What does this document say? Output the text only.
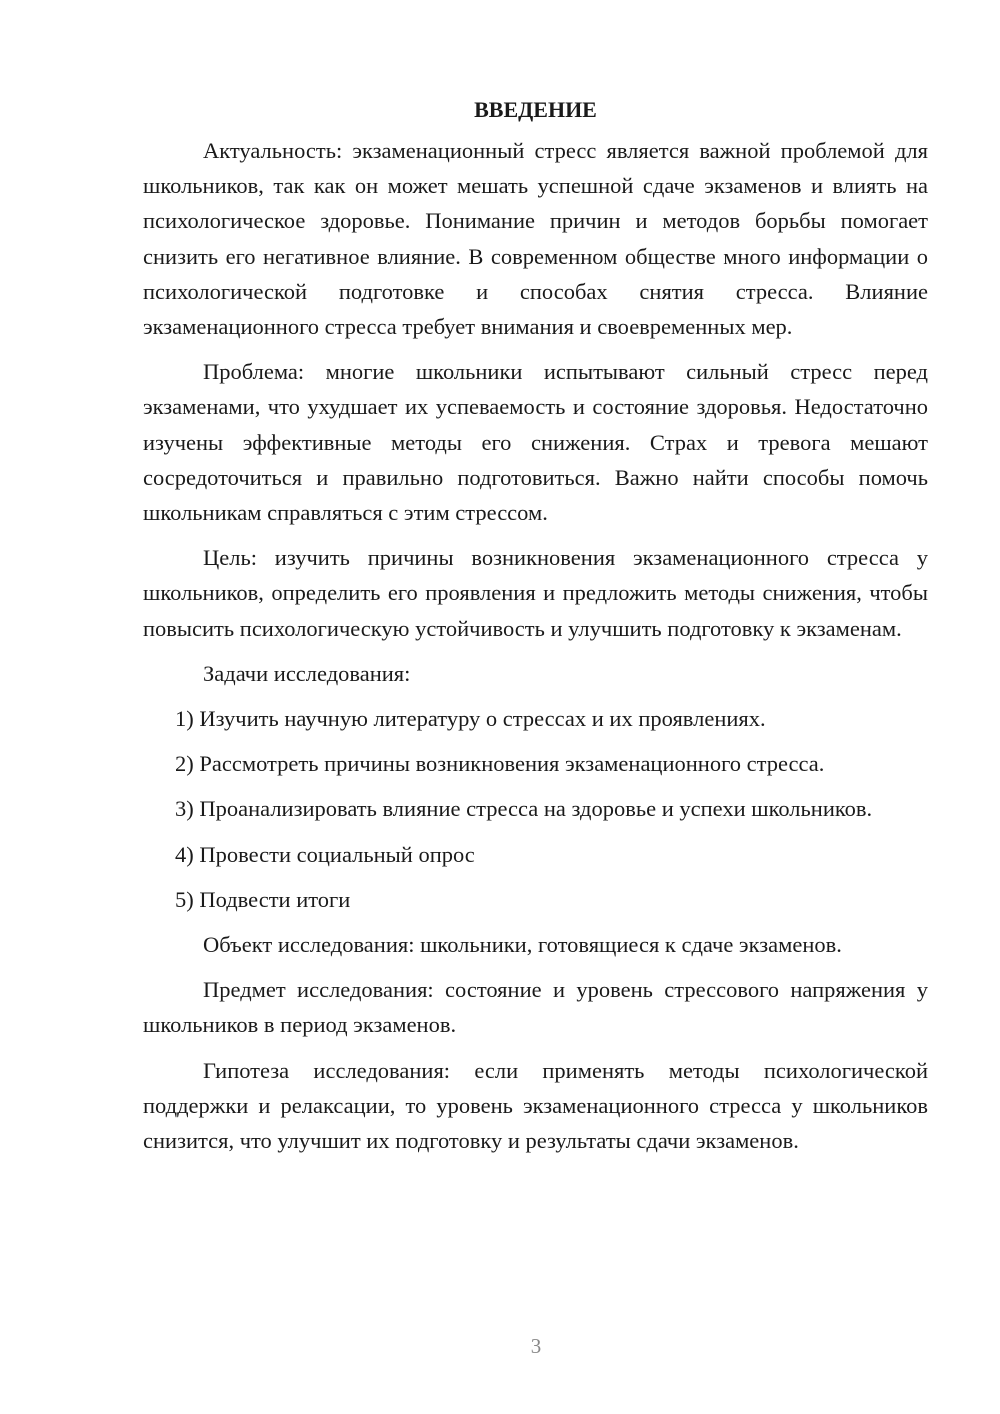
ВВЕДЕНИЕ

Актуальность: экзаменационный стресс является важной проблемой для школьников, так как он может мешать успешной сдаче экзаменов и влиять на психологическое здоровье. Понимание причин и методов борьбы помогает снизить его негативное влияние. В современном обществе много информации о психологической подготовке и способах снятия стресса. Влияние экзаменационного стресса требует внимания и своевременных мер.

Проблема: многие школьники испытывают сильный стресс перед экзаменами, что ухудшает их успеваемость и состояние здоровья. Недостаточно изучены эффективные методы его снижения. Страх и тревога мешают сосредоточиться и правильно подготовиться. Важно найти способы помочь школьникам справляться с этим стрессом.

Цель: изучить причины возникновения экзаменационного стресса у школьников, определить его проявления и предложить методы снижения, чтобы повысить психологическую устойчивость и улучшить подготовку к экзаменам.

Задачи исследования:

1) Изучить научную литературу о стрессах и их проявлениях.

2) Рассмотреть причины возникновения экзаменационного стресса.

3) Проанализировать влияние стресса на здоровье и успехи школьников.

4) Провести социальный опрос

5) Подвести итоги

Объект исследования: школьники, готовящиеся к сдаче экзаменов.

Предмет исследования: состояние и уровень стрессового напряжения у школьников в период экзаменов.

Гипотеза исследования: если применять методы психологической поддержки и релаксации, то уровень экзаменационного стресса у школьников снизится, что улучшит их подготовку и результаты сдачи экзаменов.

3
